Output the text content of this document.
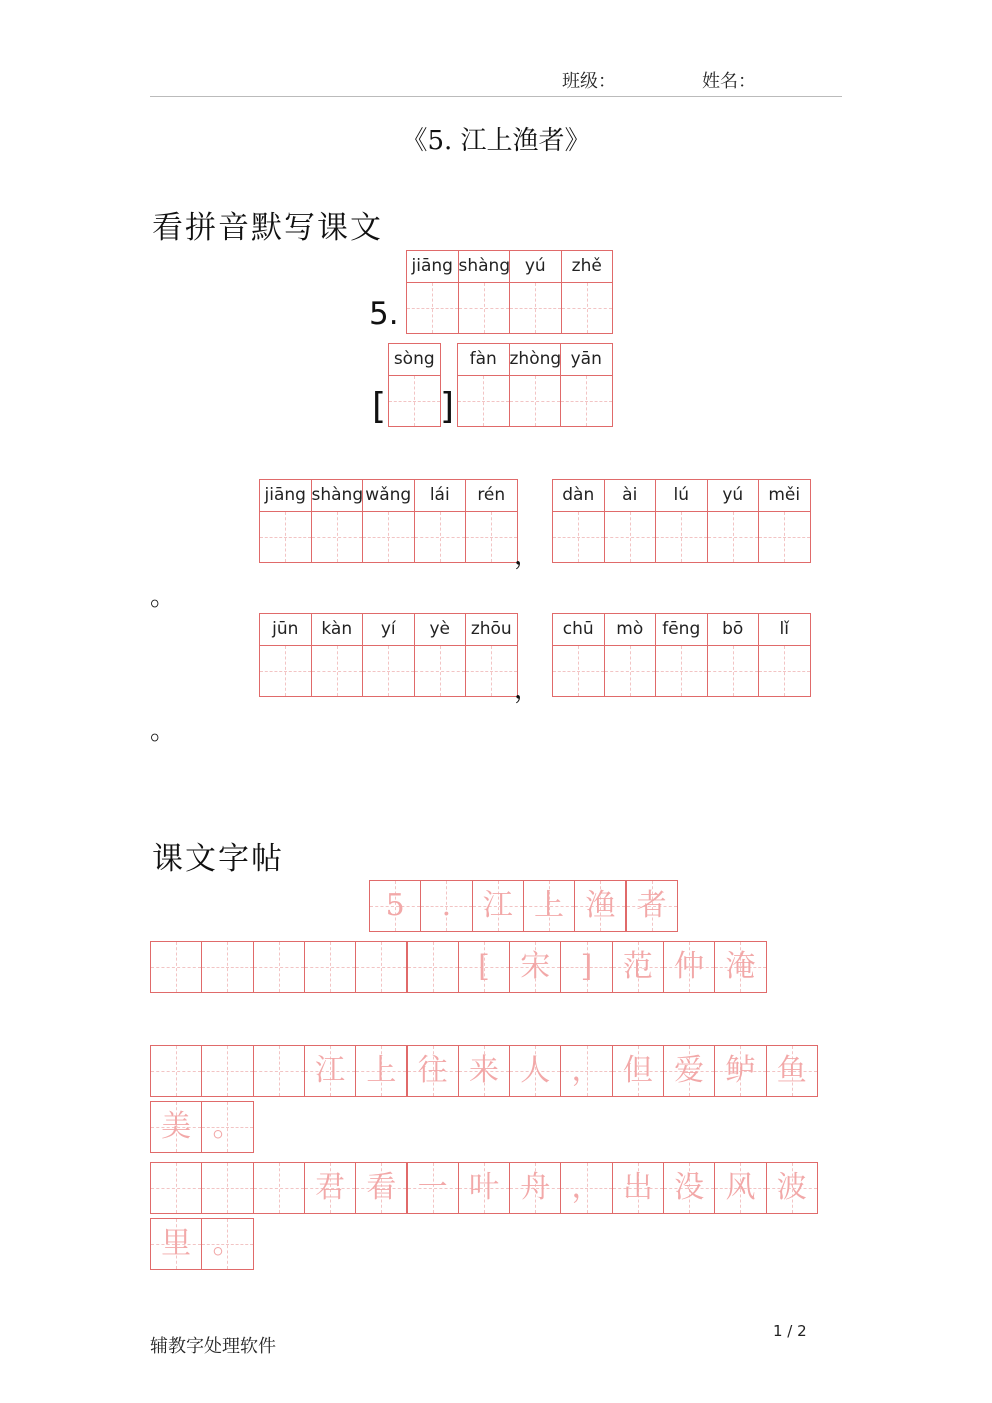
班级：	姓名：
《5. 江上渔者》
看拼音默写课文
5.
jiāng shàng yú	zhě
sòng
[ ]
fàn zhòng yān
jiāng shàng wǎng	lái	rén
，
dàn	ài	lú	yú	měi
。
jūn	kàn	yí	yè	zhōu
，
chū	mò	fēng	bō	lǐ
。
课文字帖
5	.	江 上 渔 者
[	宋	]	范 仲 淹
江 上 往 来 人 ， 但 爱 鲈 鱼
美 。
君 看 一 叶 舟 ， 出 没 风 波
里 。
辅教字处理软件
1 / 2
